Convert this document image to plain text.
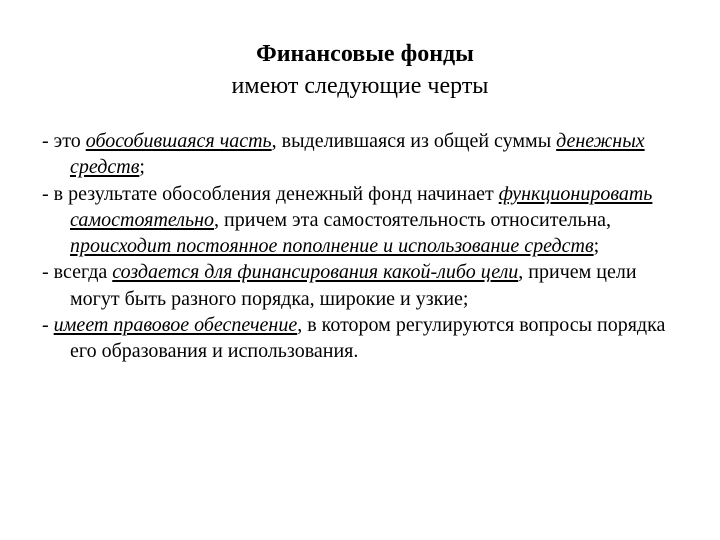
Финансовые фонды
имеют следующие черты

- это обособившаяся часть, выделившаяся из общей суммы денежных средств;

- в результате обособления денежный фонд начинает функционировать самостоятельно, причем эта самостоятельность относительна, происходит постоянное пополнение и использование средств;

- всегда создается для финансирования какой-либо цели, причем цели могут быть разного порядка, широкие и узкие;

- имеет правовое обеспечение, в котором регулируются вопросы порядка его образования и использования.
